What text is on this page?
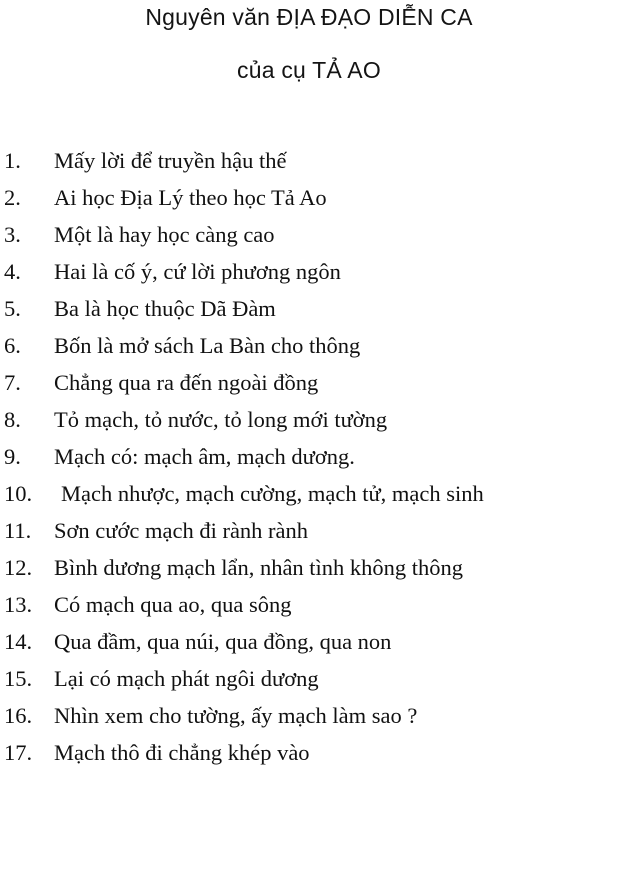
Nguyên văn ĐỊA ĐẠO DIỄN CA
của cụ TẢ AO
1. Mấy lời để truyền hậu thế
2. Ai học Địa Lý theo học Tả Ao
3. Một là hay học càng cao
4. Hai là cố ý, cứ lời phương ngôn
5. Ba là học thuộc Dã Đàm
6. Bốn là mở sách La Bàn cho thông
7. Chẳng qua ra đến ngoài đồng
8. Tỏ mạch, tỏ nước, tỏ long mới tường
9. Mạch có: mạch âm, mạch dương.
10. Mạch nhược, mạch cường, mạch tử, mạch sinh
11. Sơn cước mạch đi rành rành
12. Bình dương mạch lẩn, nhân tình không thông
13. Có mạch qua ao, qua sông
14. Qua đầm, qua núi, qua đồng, qua non
15. Lại có mạch phát ngôi dương
16. Nhìn xem cho tường, ấy mạch làm sao ?
17. Mạch thô đi chẳng khép vào
